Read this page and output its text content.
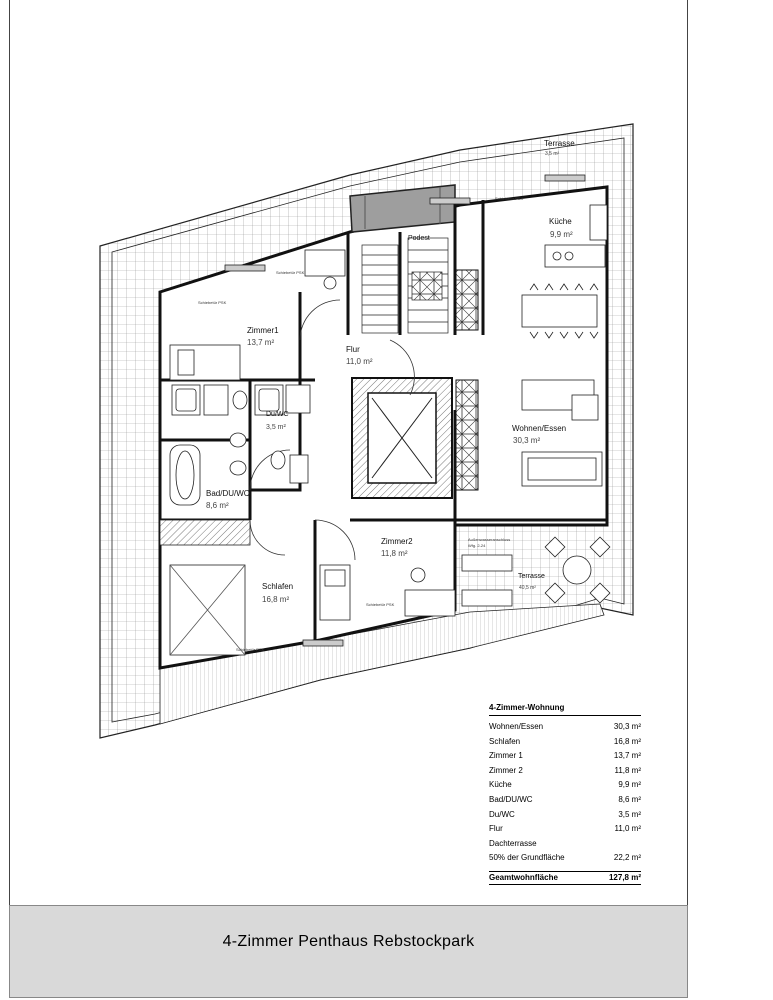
Terrasse
3,5 m²
Küche
9,9 m²
Podest
Zimmer1
13,7 m²
Flur
11,0 m²
Du/WC
3,5 m²	Wohnen/Essen
30,3 m²
Bad/DU/WC
8,6 m²
Zimmer2
11,8 m²
Terrasse
40,5 m²
Schlafen
16,8 m²
Schiebetür PSK
Schiebetür PSK
Schiebetür PSK
Schiebetür PSK
Schiebetür PSK
Außenwasseranschluss
Wfg. 2-24
4-Zimmer-Wohnung
Wohnen/Essen	30,3 m²
Schlafen	16,8 m²
Zimmer 1	13,7 m²
Zimmer 2	11,8 m²
Küche	9,9 m²
Bad/DU/WC	8,6 m²
Du/WC	3,5 m²
Flur	11,0 m²
Dachterrasse
50% der Grundfläche	22,2 m²
Geamtwohnfläche	127,8 m²
4-Zimmer Penthaus Rebstockpark
